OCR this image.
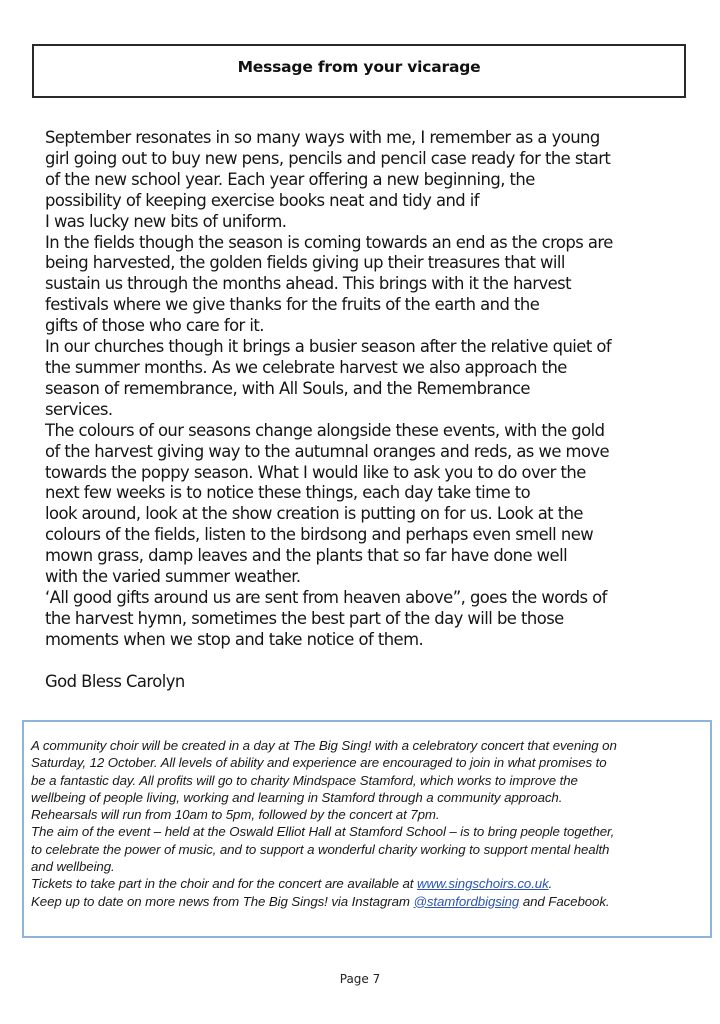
Message from your vicarage
September resonates in so many ways with me, I remember as a young
girl going out to buy new pens, pencils and pencil case ready for the start
of the new school year. Each year offering a new beginning, the
possibility of keeping exercise books neat and tidy and if
I was lucky new bits of uniform.
In the fields though the season is coming towards an end as the crops are
being harvested, the golden fields giving up their treasures that will
sustain us through the months ahead. This brings with it the harvest
festivals where we give thanks for the fruits of the earth and the
gifts of those who care for it.
In our churches though it brings a busier season after the relative quiet of
the summer months. As we celebrate harvest we also approach the
season of remembrance, with All Souls, and the Remembrance
services.
The colours of our seasons change alongside these events, with the gold
of the harvest giving way to the autumnal oranges and reds, as we move
towards the poppy season. What I would like to ask you to do over the
next few weeks is to notice these things, each day take time to
look around, look at the show creation is putting on for us. Look at the
colours of the fields, listen to the birdsong and perhaps even smell new
mown grass, damp leaves and the plants that so far have done well
with the varied summer weather.
‘All good gifts around us are sent from heaven above”, goes the words of
the harvest hymn, sometimes the best part of the day will be those
moments when we stop and take notice of them.
God Bless Carolyn
A community choir will be created in a day at The Big Sing! with a celebratory concert that evening on
Saturday, 12 October. All levels of ability and experience are encouraged to join in what promises to
be a fantastic day. All profits will go to charity Mindspace Stamford, which works to improve the
wellbeing of people living, working and learning in Stamford through a community approach.
Rehearsals will run from 10am to 5pm, followed by the concert at 7pm.
The aim of the event – held at the Oswald Elliot Hall at Stamford School – is to bring people together,
to celebrate the power of music, and to support a wonderful charity working to support mental health
and wellbeing.
Tickets to take part in the choir and for the concert are available at www.singschoirs.co.uk.
Keep up to date on more news from The Big Sings! via Instagram @stamfordbigsing and Facebook.
Page 7
